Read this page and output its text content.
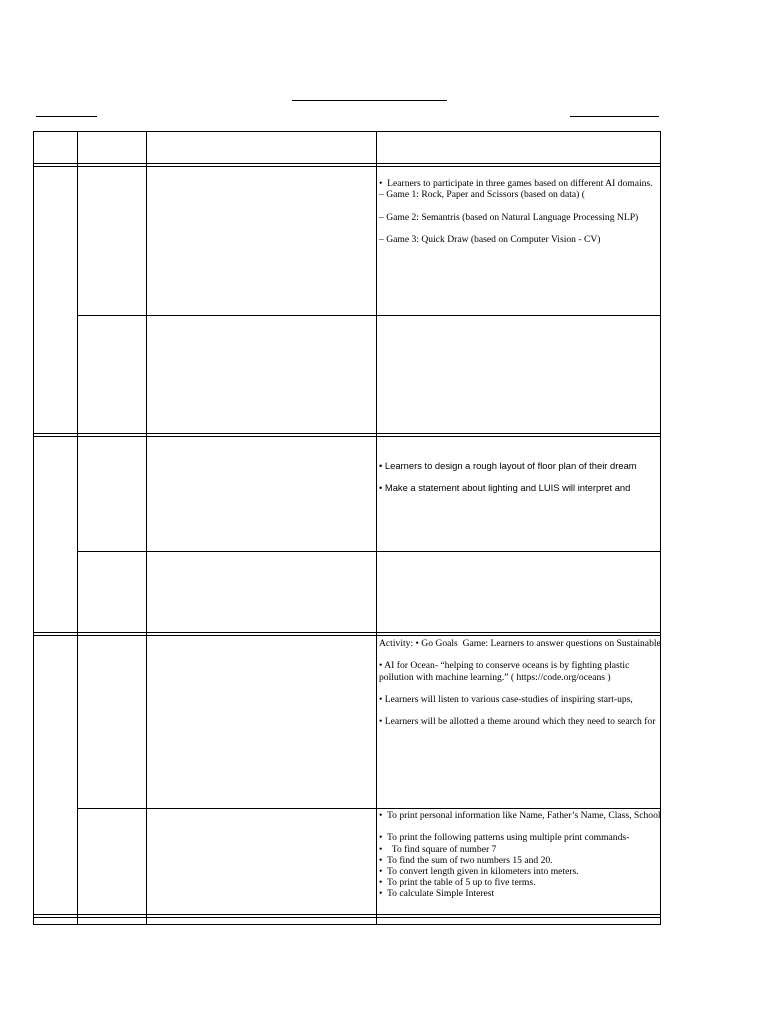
•  Learners to participate in three games based on different AI domains.
– Game 1: Rock, Paper and Scissors (based on data) (

– Game 2: Semantris (based on Natural Language Processing NLP)

– Game 3: Quick Draw (based on Computer Vision - CV)
• Learners to design a rough layout of floor plan of their dream

• Make a statement about lighting and LUIS will interpret and
Activity: • Go Goals  Game: Learners to answer questions on Sustainable

• AI for Ocean- “helping to conserve oceans is by fighting plastic
pollution with machine learning.” ( https://code.org/oceans )

• Learners will listen to various case-studies of inspiring start-ups,

• Learners will be allotted a theme around which they need to search for
•  To print personal information like Name, Father’s Name, Class, School

•  To print the following patterns using multiple print commands-
•    To find square of number 7
•  To find the sum of two numbers 15 and 20.
•  To convert length given in kilometers into meters.
•  To print the table of 5 up to five terms.
•  To calculate Simple Interest
